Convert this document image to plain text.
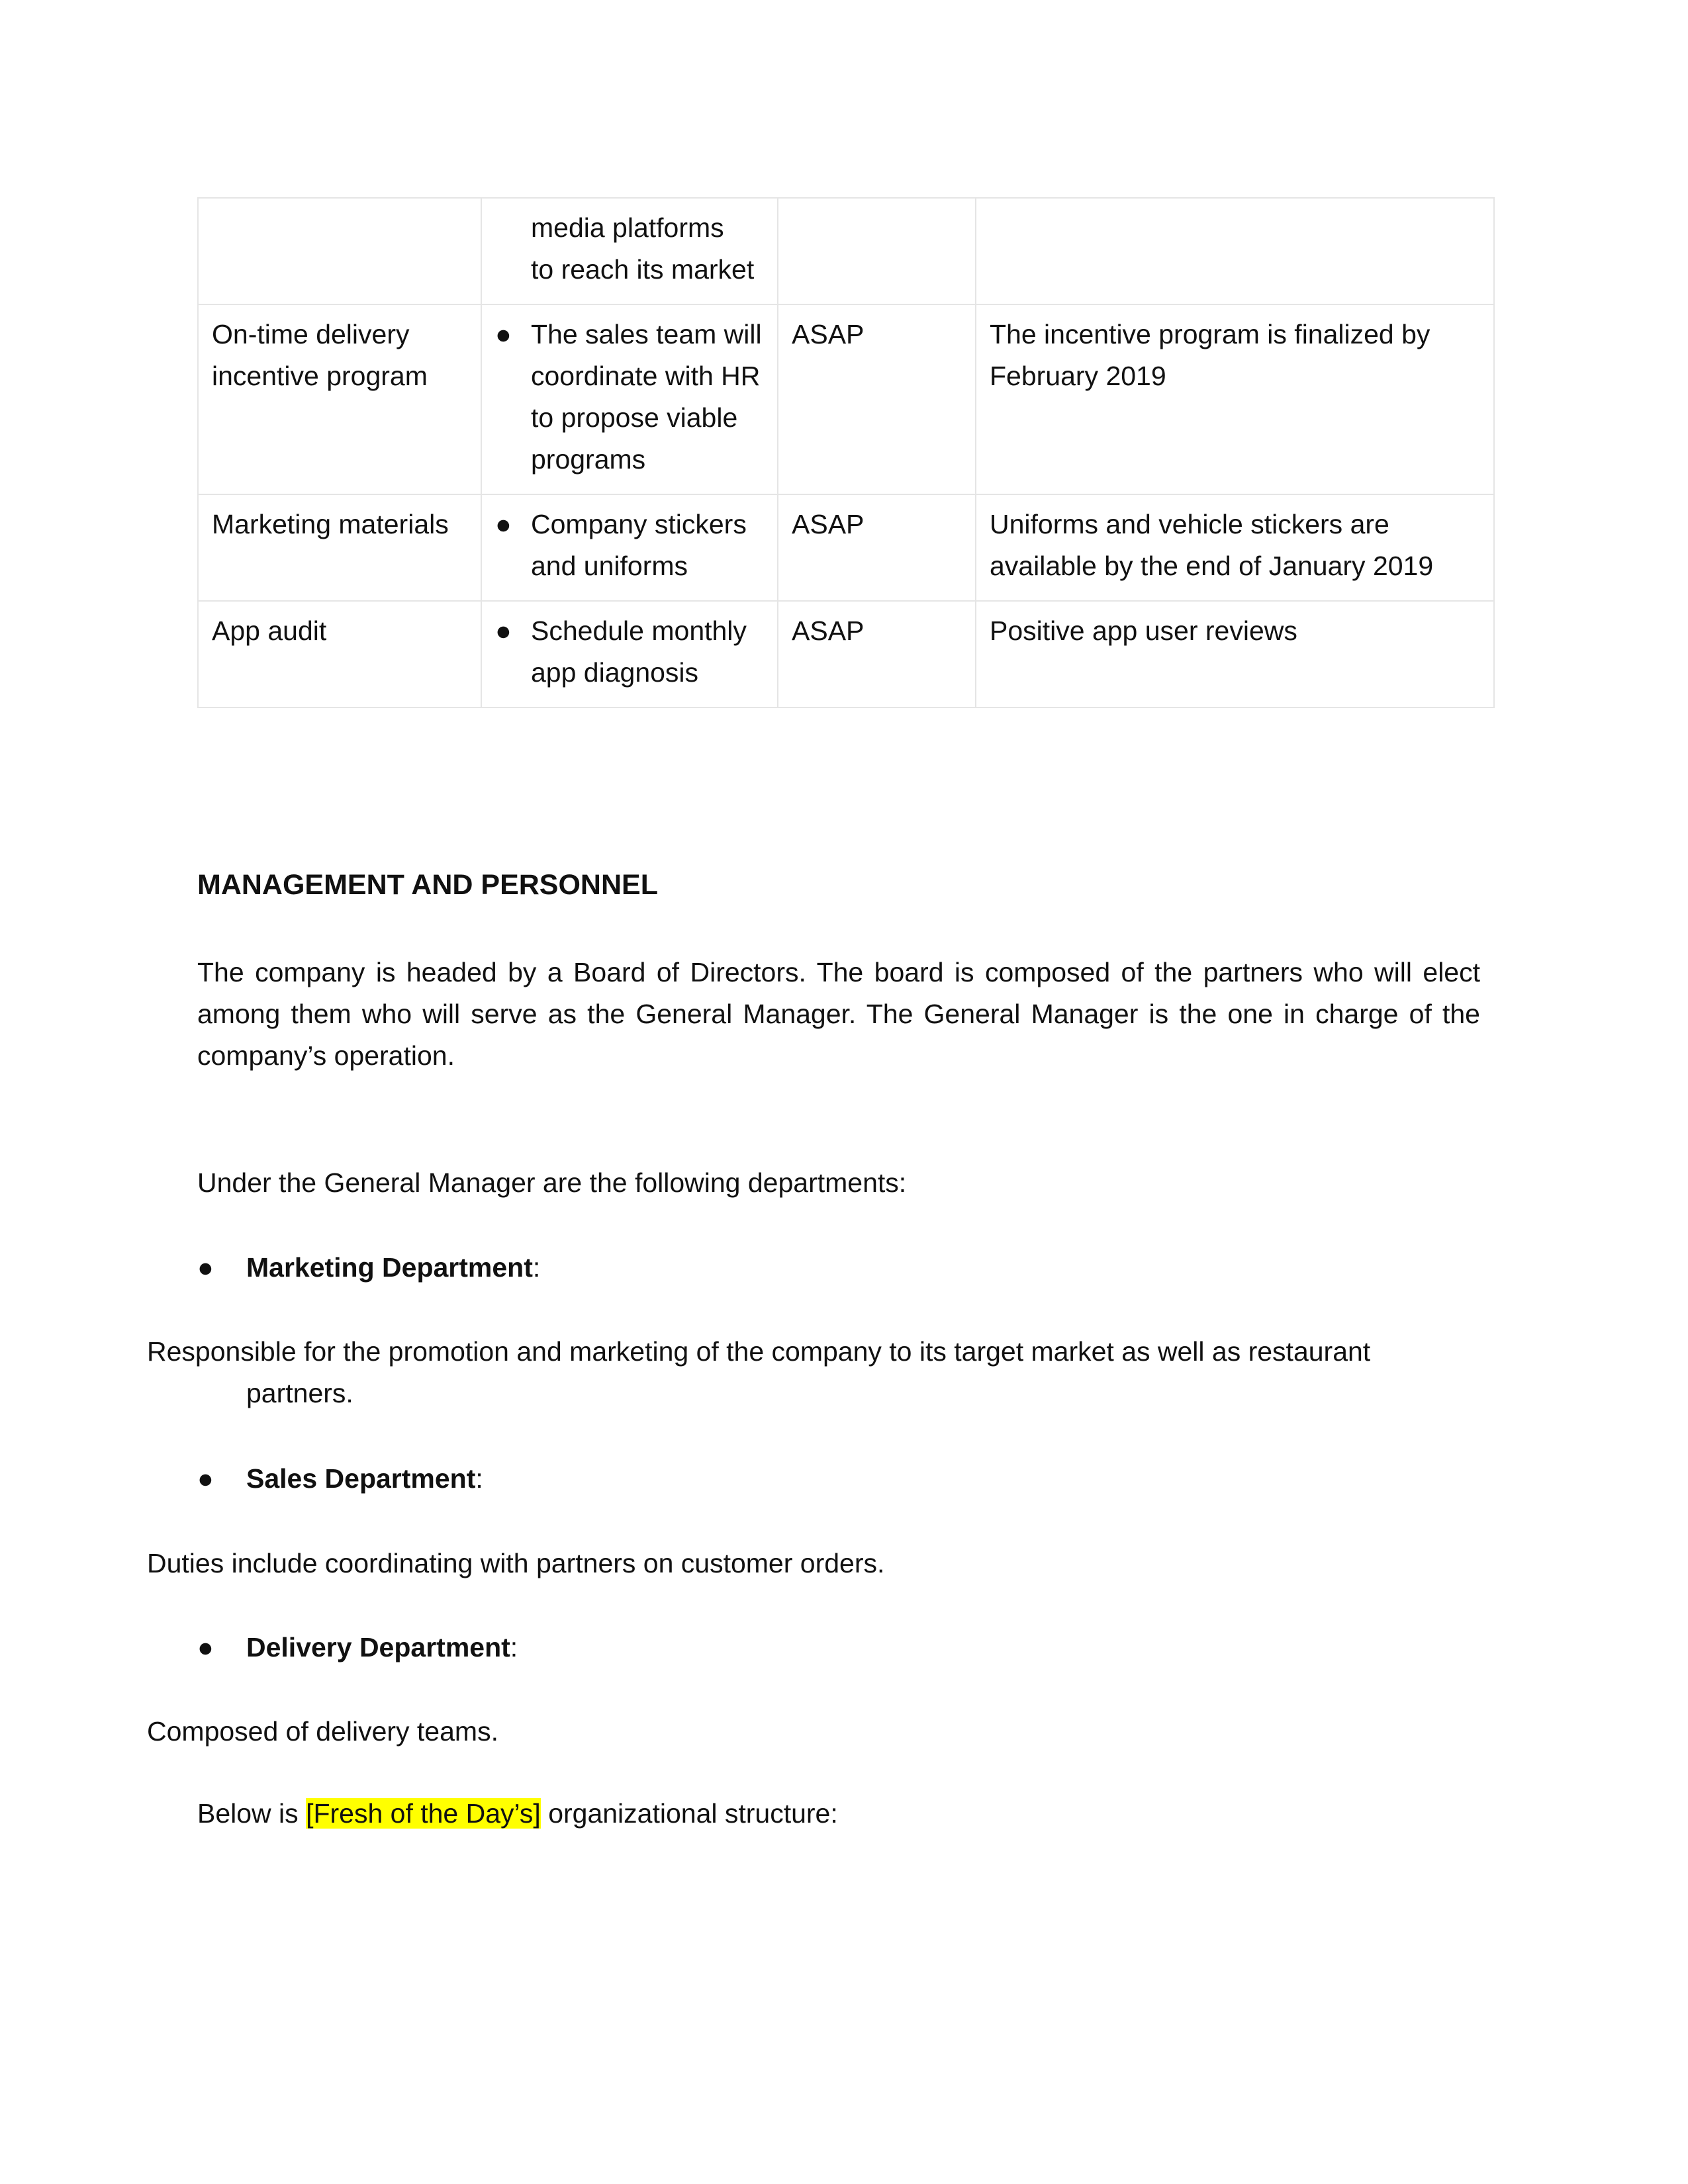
	media platforms
to reach its market		

On-time delivery incentive program	● The sales team will coordinate with HR to propose viable programs	ASAP	The incentive program is finalized by February 2019
Marketing materials	● Company stickers and uniforms	ASAP	Uniforms and vehicle stickers are available by the end of January 2019
App audit	● Schedule monthly app diagnosis	ASAP	Positive app user reviews
MANAGEMENT AND PERSONNEL
The company is headed by a Board of Directors. The board is composed of the partners who will elect among them who will serve as the General Manager. The General Manager is the one in charge of the company’s operation.
Under the General Manager are the following departments:
●	Marketing Department :
Responsible for the promotion and marketing of the company to its target market as well as restaurant
partners.
●	Sales Department :
Duties include coordinating with partners on customer orders.
●	Delivery Department :
Composed of delivery teams.
Below is [Fresh of the Day’s] organizational structure:
